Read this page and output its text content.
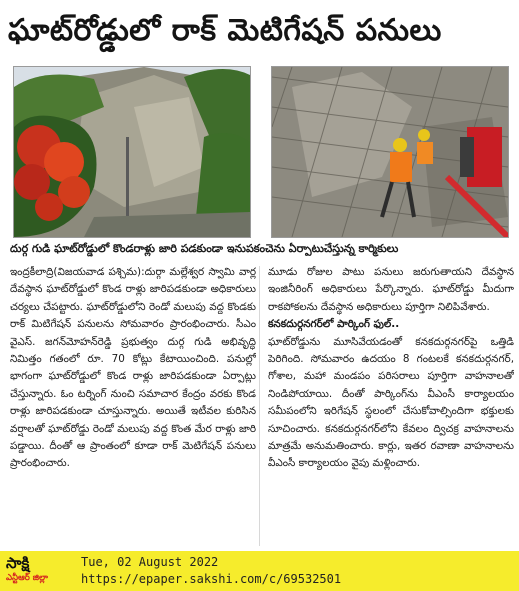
ఘాట్‌రోడ్డులో రాక్ మెటిగేషన్ పనులు
దుర్గ గుడి ఘాట్‌రోడ్డులో కొండరాళ్లు జారి పడకుండా ఇనుపకంచెను ఏర్పాటుచేస్తున్న కార్మికులు

ఇంద్రకీలాద్రి(విజయవాడ పశ్చిమ):దుర్గా మల్లేశ్వర స్వామి వార్ల దేవస్థాన ఘాట్‌రోడ్డులో కొండ రాళ్లు జారిపడకుండా అధికారులు చర్యలు చేపట్టారు. ఘాట్‌రోడ్డులోని రెండో మలుపు వద్ద కొండకు రాక్ మిటిగేషన్ పనులను సోమవారం ప్రారంభించారు. సీఎం వైఎస్. జగన్‌మోహన్‌రెడ్డి ప్రభుత్వం దుర్గ గుడి అభివృద్ధి నిమిత్తం గతంలో రూ. 70 కోట్లు కేటాయించింది. పనుల్లో భాగంగా ఘాట్‌రోడ్డులో కొండ రాళ్లు జారిపడకుండా ఏర్పాట్లు చేస్తున్నారు. ఓం టర్నింగ్ నుంచి సమాచార కేంద్రం వరకు కొండ రాళ్లు జారిపడకుండా చూస్తున్నారు. అయితే ఇటీవల కురిసిన వర్షాలతో ఘాట్‌రోడ్డు రెండో మలుపు వద్ద కొంత మేర రాళ్లు జారి పడ్డాయి. దీంతో ఆ ప్రాంతంలో కూడా రాక్ మెటిగేషన్ పనులు ప్రారంభించారు.

మూడు రోజుల పాటు పనులు జరుగుతాయని దేవస్థాన ఇంజినీరింగ్ అధికారులు పేర్కొన్నారు. ఘాట్‌రోడ్డు మీదుగా రాకపోకలను దేవస్థాన అధికారులు పూర్తిగా నిలిపివేశారు.

కనకదుర్గనగర్‌లో పార్కింగ్ ఫుల్..

ఘాట్‌రోడ్డును మూసివేయడంతో కనకదుర్గనగర్‌పై ఒత్తిడి పెరిగింది. సోమవారం ఉదయం 8 గంటలకే కనకదుర్గనగర్, గోశాల, మహా మండపం పరిసరాలు పూర్తిగా వాహనాలతో నిండిపోయాయి. దీంతో పార్కింగ్‌ను వీఎంసీ కార్యాలయం సమీపంలోని ఇరిగేషన్ స్థలంలో చేసుకోవాల్సిందిగా భక్తులకు సూచించారు. కనకదుర్గనగర్‌లోని కేవలం ద్విచక్ర వాహనాలను మాత్రమే అనుమతించారు. కార్లు, ఇతర రవాణా వాహనాలను వీఎంసీ కార్యాలయం వైపు మళ్లించారు.

సాక్షి
ఎన్టీఆర్ జిల్లా
Tue, 02 August 2022
https://epaper.sakshi.com/c/69532501
